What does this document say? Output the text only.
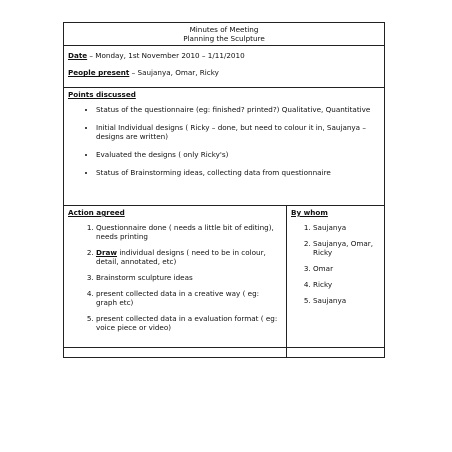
Minutes of Meeting
Planning the Sculpture

Date – Monday, 1st November 2010 – 1/11/2010

People present – Saujanya, Omar, Ricky

Points discussed
• Status of the questionnaire (eg: finished? printed?) Qualitative, Quantitative
• Initial Individual designs ( Ricky – done, but need to colour it in, Saujanya – designs are written)
• Evaluated the designs ( only Ricky's)
• Status of Brainstorming ideas, collecting data from questionnaire
Action agreed
1. Questionnaire done ( needs a little bit of editing), needs printing
2. Draw individual designs ( need to be in colour, detail, annotated, etc)
3. Brainstorm sculpture ideas
4. present collected data in a creative way ( eg: graph etc)
5. present collected data in a evaluation format ( eg: voice piece or video)
By whom
1. Saujanya
2. Saujanya, Omar, Ricky
3. Omar
4. Ricky
5. Saujanya
